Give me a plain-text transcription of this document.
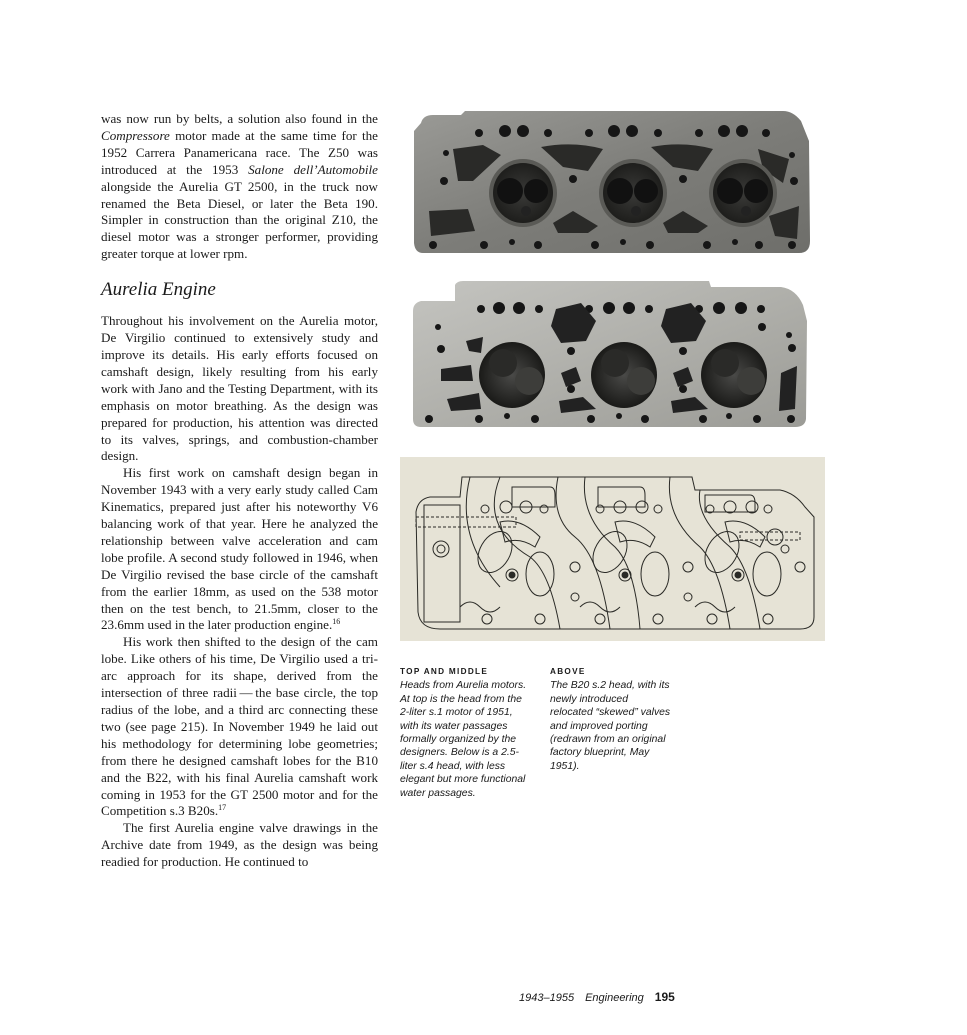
was now run by belts, a solution also found in the Compressore motor made at the same time for the 1952 Carrera Panamericana race. The Z50 was introduced at the 1953 Salone dell’Automobile alongside the Aurelia GT 2500, in the truck now renamed the Beta Diesel, or later the Beta 190. Simpler in construction than the original Z10, the diesel motor was a stronger performer, providing greater torque at lower rpm.

Aurelia Engine

Throughout his involvement on the Aurelia motor, De Virgilio continued to extensively study and improve its details. His early efforts focused on camshaft design, likely resulting from his early work with Jano and the Testing Department, with its emphasis on motor breathing. As the design was prepared for production, his attention was directed to its valves, springs, and combustion-chamber design.

His first work on camshaft design began in November 1943 with a very early study called Cam Kinematics, prepared just after his noteworthy V6 balancing work of that year. Here he analyzed the relationship between valve acceleration and cam lobe profile. A second study followed in 1946, when De Virgilio revised the base circle of the camshaft from the earlier 18mm, as used on the 538 motor then on the test bench, to 21.5mm, closer to the 23.6mm used in the later production engine.$^{16}$

His work then shifted to the design of the cam lobe. Like others of his time, De Virgilio used a tri-arc approach for its shape, derived from the intersection of three radii — the base circle, the top radius of the lobe, and a third arc connecting these two (see page 215). In November 1949 he laid out his methodology for determining lobe geometries; from there he designed camshaft lobes for the B10 and the B22, with his final Aurelia camshaft work coming in 1953 for the GT 2500 motor and for the Competition s.3 B20s.$^{17}$

The first Aurelia engine valve drawings in the Archive date from 1949, as the design was being readied for production. He continued to

TOP AND MIDDLE
Heads from Aurelia motors. At top is the head from the 2-liter s.1 motor of 1951, with its water passages formally organized by the designers. Below is a 2.5-liter s.4 head, with less elegant but more functional water passages.
ABOVE
The B20 s.2 head, with its newly introduced relocated “skewed” valves and improved porting (redrawn from an original factory blueprint, May 1951).
1943–1955 Engineering 195
